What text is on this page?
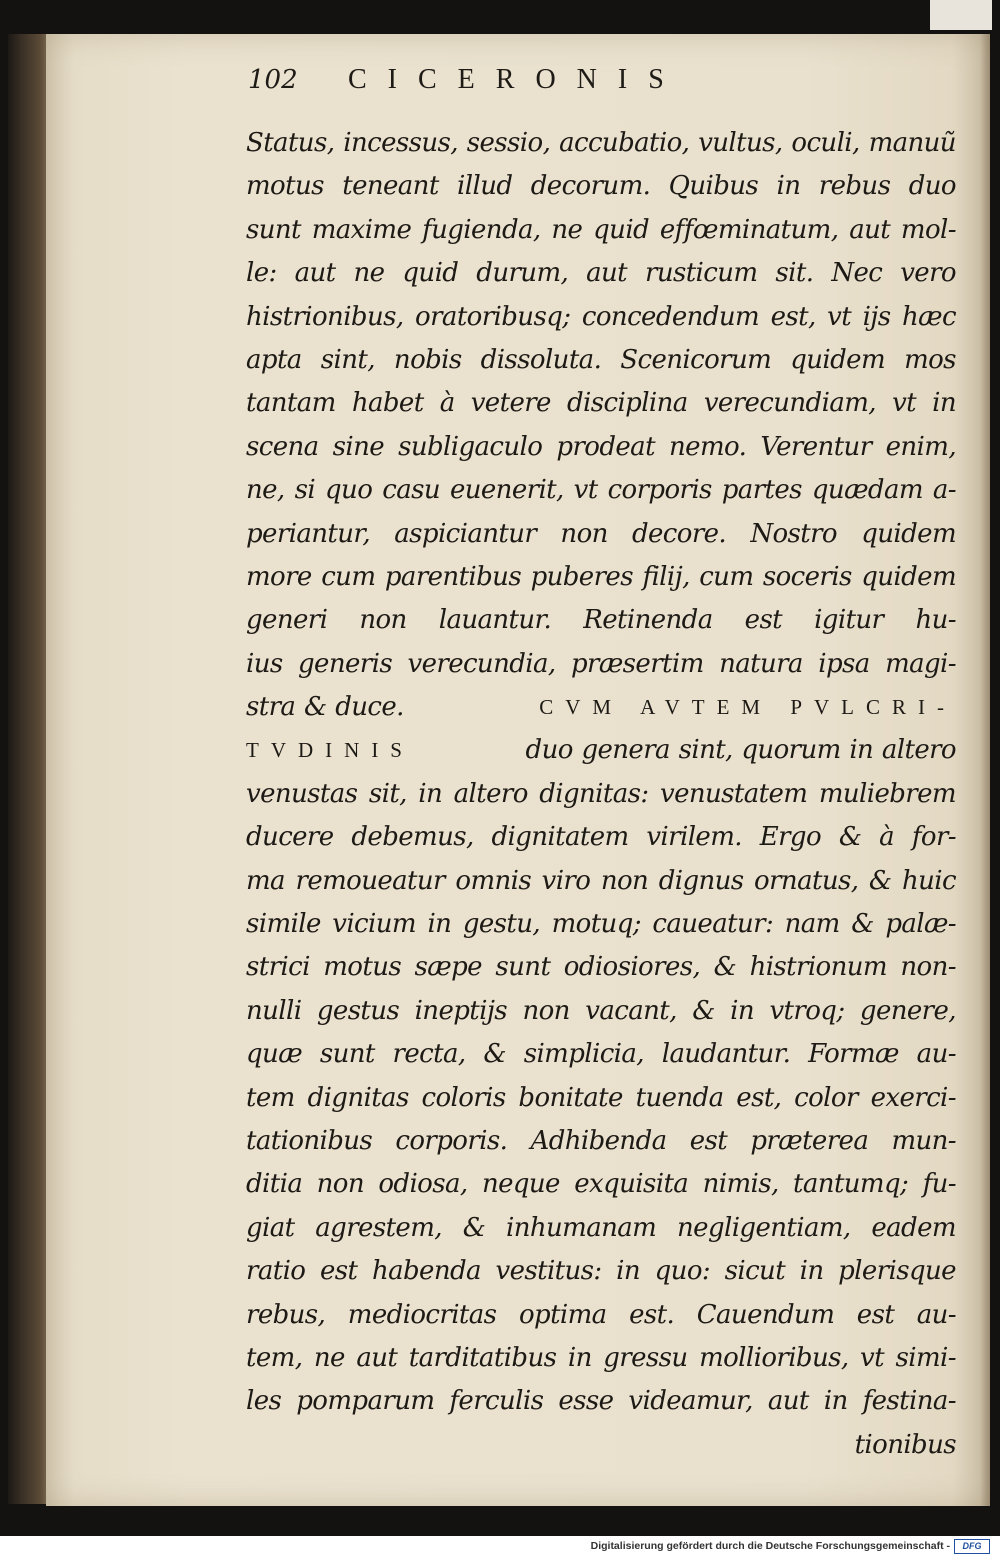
102	CICERONIS
Status, incessus, sessio, accubatio, vultus, oculi, manuũ
motus teneant illud decorum. Quibus in rebus duo
sunt maxime fugienda, ne quid effœminatum, aut mol-
le: aut ne quid durum, aut rusticum sit. Nec vero
histrionibus, oratoribusq; concedendum est, vt ijs hæc
apta sint, nobis dissoluta. Scenicorum quidem mos
tantam habet à vetere disciplina verecundiam, vt in
scena sine subligaculo prodeat nemo. Verentur enim,
ne, si quo casu euenerit, vt corporis partes quædam a-
periantur, aspiciantur non decore. Nostro quidem
more cum parentibus puberes filij, cum soceris quidem
generi non lauantur. Retinenda est igitur hu-
ius generis verecundia, præsertim natura ipsa magi-
stra & duce.	CVM AVTEM PVLCRI-
TVDINIS	duo genera sint, quorum in altero
venustas sit, in altero dignitas: venustatem muliebrem
ducere debemus, dignitatem virilem. Ergo & à for-
ma remoueatur omnis viro non dignus ornatus, & huic
simile vicium in gestu, motuq; caueatur: nam & palæ-
strici motus sæpe sunt odiosiores, & histrionum non-
nulli gestus ineptijs non vacant, & in vtroq; genere,
quæ sunt recta, & simplicia, laudantur. Formæ au-
tem dignitas coloris bonitate tuenda est, color exerci-
tationibus corporis. Adhibenda est præterea mun-
ditia non odiosa, neque exquisita nimis, tantumq; fu-
giat agrestem, & inhumanam negligentiam, eadem
ratio est habenda vestitus: in quo: sicut in plerisque
rebus, mediocritas optima est. Cauendum est au-
tem, ne aut tarditatibus in gressu mollioribus, vt simi-
les pomparum ferculis esse videamur, aut in festina-
tionibus
Digitalisierung gefördert durch die Deutsche Forschungsgemeinschaft -	DFG
